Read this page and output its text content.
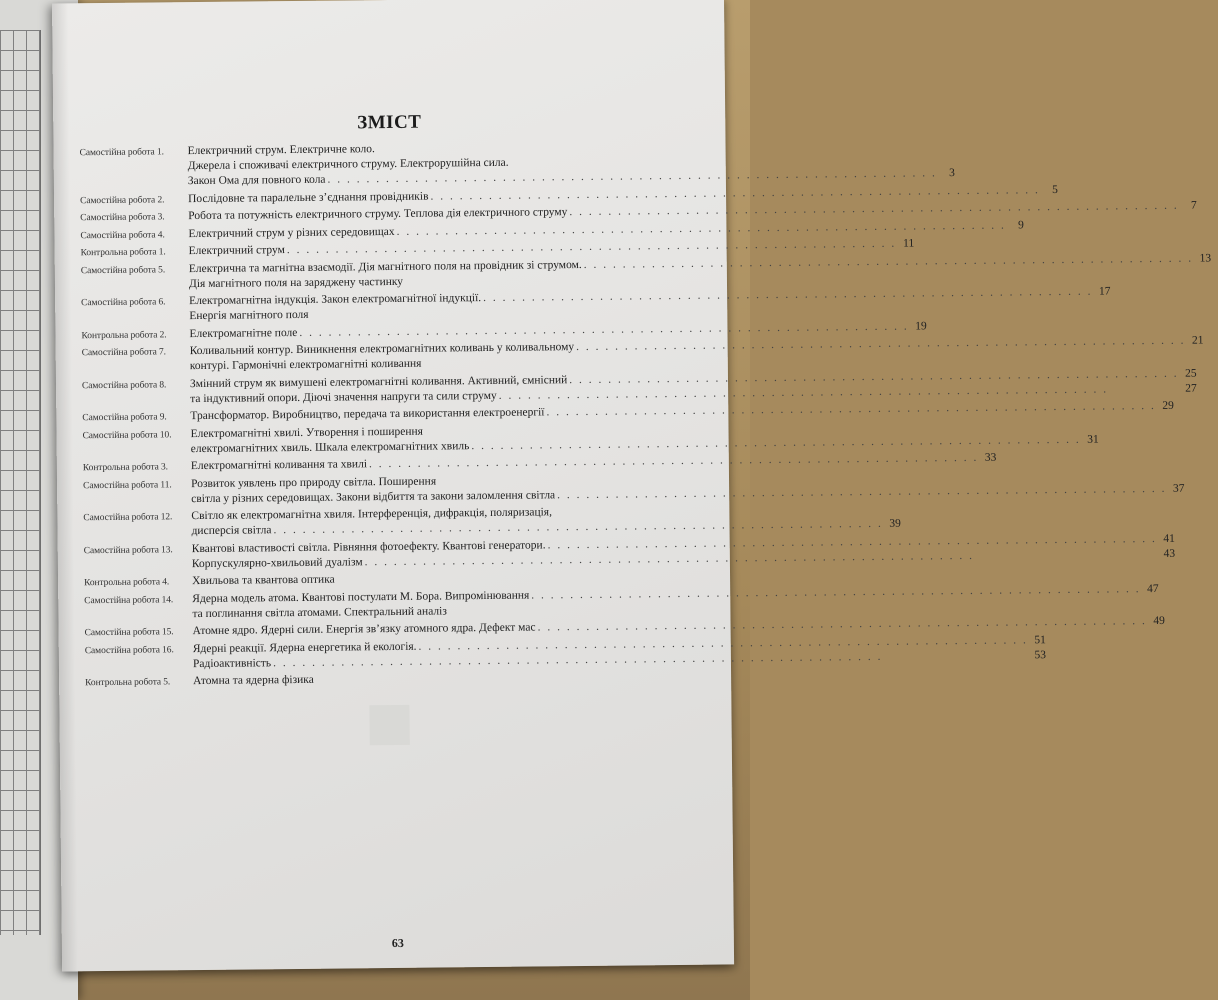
ЗМІСТ
Самостійна робота 1.	Електричний струм. Електричне коло.
Джерела і споживачі електричного струму. Електрорушійна сила.
Закон Ома для повного кола . . . . . . . . . . . . . . . . . . . . . . . . . . . . . . . . . . . . . . . . . . . . . . . . . . . . . . . . . . . . . . .	3
Самостійна робота 2.	Послідовне та паралельне з’єднання провідників . . . . . . . . . . . . . . . . . . . . . . . . . . . . . . . . . . . . . . . . . . . . . . . . . . . . . . . . . . . . . . .	5
Самостійна робота 3.	Робота та потужність електричного струму. Теплова дія електричного струму . . . . . . . . . . . . . . . . . . . . . . . . . . . . . . . . . . . . . . . . . . . . . . . . . . . . . . . . . . . . . . .	7
Самостійна робота 4.	Електричний струм у різних середовищах . . . . . . . . . . . . . . . . . . . . . . . . . . . . . . . . . . . . . . . . . . . . . . . . . . . . . . . . . . . . . . .	9
Контрольна робота 1.	Електричний струм . . . . . . . . . . . . . . . . . . . . . . . . . . . . . . . . . . . . . . . . . . . . . . . . . . . . . . . . . . . . . . . 11
Самостійна робота 5.	Електрична та магнітна взаємодії. Дія магнітного поля на провідник зі струмом. . . . . . . . . . . . . . . . . . . . . . . . . . . . . . . . . . . . . . . . . . . . . . . . . . . . . . . . . . . . . . . . 13
Дія магнітного поля на заряджену частинку
Самостійна робота 6.	Електромагнітна індукція. Закон електромагнітної індукції. . . . . . . . . . . . . . . . . . . . . . . . . . . . . . . . . . . . . . . . . . . . . . . . . . . . . . . . . . . . . . . . 17
Енергія магнітного поля
Контрольна робота 2.	Електромагнітне поле . . . . . . . . . . . . . . . . . . . . . . . . . . . . . . . . . . . . . . . . . . . . . . . . . . . . . . . . . . . . . . . 19
Самостійна робота 7.	Коливальний контур. Виникнення електромагнітних коливань у коливальному . . . . . . . . . . . . . . . . . . . . . . . . . . . . . . . . . . . . . . . . . . . . . . . . . . . . . . . . . . . . . . . 21
контурі. Гармонічні електромагнітні коливання
Самостійна робота 8.	Змінний струм як вимушені електромагнітні коливання. Активний, ємнісний . . . . . . . . . . . . . . . . . . . . . . . . . . . . . . . . . . . . . . . . . . . . . . . . . . . . . . . . . . . . . . . 25
та індуктивний опори. Діючі значення напруги та сили струму . . . . . . . . . . . . . . . . . . . . . . . . . . . . . . . . . . . . . . . . . . . . . . . . . . . . . . . . . . . . . . .	27
Самостійна робота 9.	Трансформатор. Виробництво, передача та використання електроенергії . . . . . . . . . . . . . . . . . . . . . . . . . . . . . . . . . . . . . . . . . . . . . . . . . . . . . . . . . . . . . . . 29
Самостійна робота 10.	Електромагнітні хвилі. Утворення і поширення
електромагнітних хвиль. Шкала електромагнітних хвиль . . . . . . . . . . . . . . . . . . . . . . . . . . . . . . . . . . . . . . . . . . . . . . . . . . . . . . . . . . . . . . . 31
Контрольна робота 3.	Електромагнітні коливання та хвилі . . . . . . . . . . . . . . . . . . . . . . . . . . . . . . . . . . . . . . . . . . . . . . . . . . . . . . . . . . . . . . . 33
Самостійна робота 11.	Розвиток уявлень про природу світла. Поширення
світла у різних середовищах. Закони відбиття та закони заломлення світла . . . . . . . . . . . . . . . . . . . . . . . . . . . . . . . . . . . . . . . . . . . . . . . . . . . . . . . . . . . . . . . 37
Самостійна робота 12.	Світло як електромагнітна хвиля. Інтерференція, дифракція, поляризація,
дисперсія світла . . . . . . . . . . . . . . . . . . . . . . . . . . . . . . . . . . . . . . . . . . . . . . . . . . . . . . . . . . . . . . . 39
Самостійна робота 13.	Квантові властивості світла. Рівняння фотоефекту. Квантові генератори. . . . . . . . . . . . . . . . . . . . . . . . . . . . . . . . . . . . . . . . . . . . . . . . . . . . . . . . . . . . . . . . 41
Корпускулярно-хвильовий дуалізм . . . . . . . . . . . . . . . . . . . . . . . . . . . . . . . . . . . . . . . . . . . . . . . . . . . . . . . . . . . . . . .	43
Контрольна робота 4.	Хвильова та квантова оптика
Самостійна робота 14.	Ядерна модель атома. Квантові постулати М. Бора. Випромінювання . . . . . . . . . . . . . . . . . . . . . . . . . . . . . . . . . . . . . . . . . . . . . . . . . . . . . . . . . . . . . . . 47
та поглинання світла атомами. Спектральний аналіз
Самостійна робота 15.	Атомне ядро. Ядерні сили. Енергія зв’язку атомного ядра. Дефект мас . . . . . . . . . . . . . . . . . . . . . . . . . . . . . . . . . . . . . . . . . . . . . . . . . . . . . . . . . . . . . . . 49
Самостійна робота 16.	Ядерні реакції. Ядерна енергетика й екологія. . . . . . . . . . . . . . . . . . . . . . . . . . . . . . . . . . . . . . . . . . . . . . . . . . . . . . . . . . . . . . . . 51
Радіоактивність . . . . . . . . . . . . . . . . . . . . . . . . . . . . . . . . . . . . . . . . . . . . . . . . . . . . . . . . . . . . . . .	53
Контрольна робота 5.	Атомна та ядерна фізика
63
